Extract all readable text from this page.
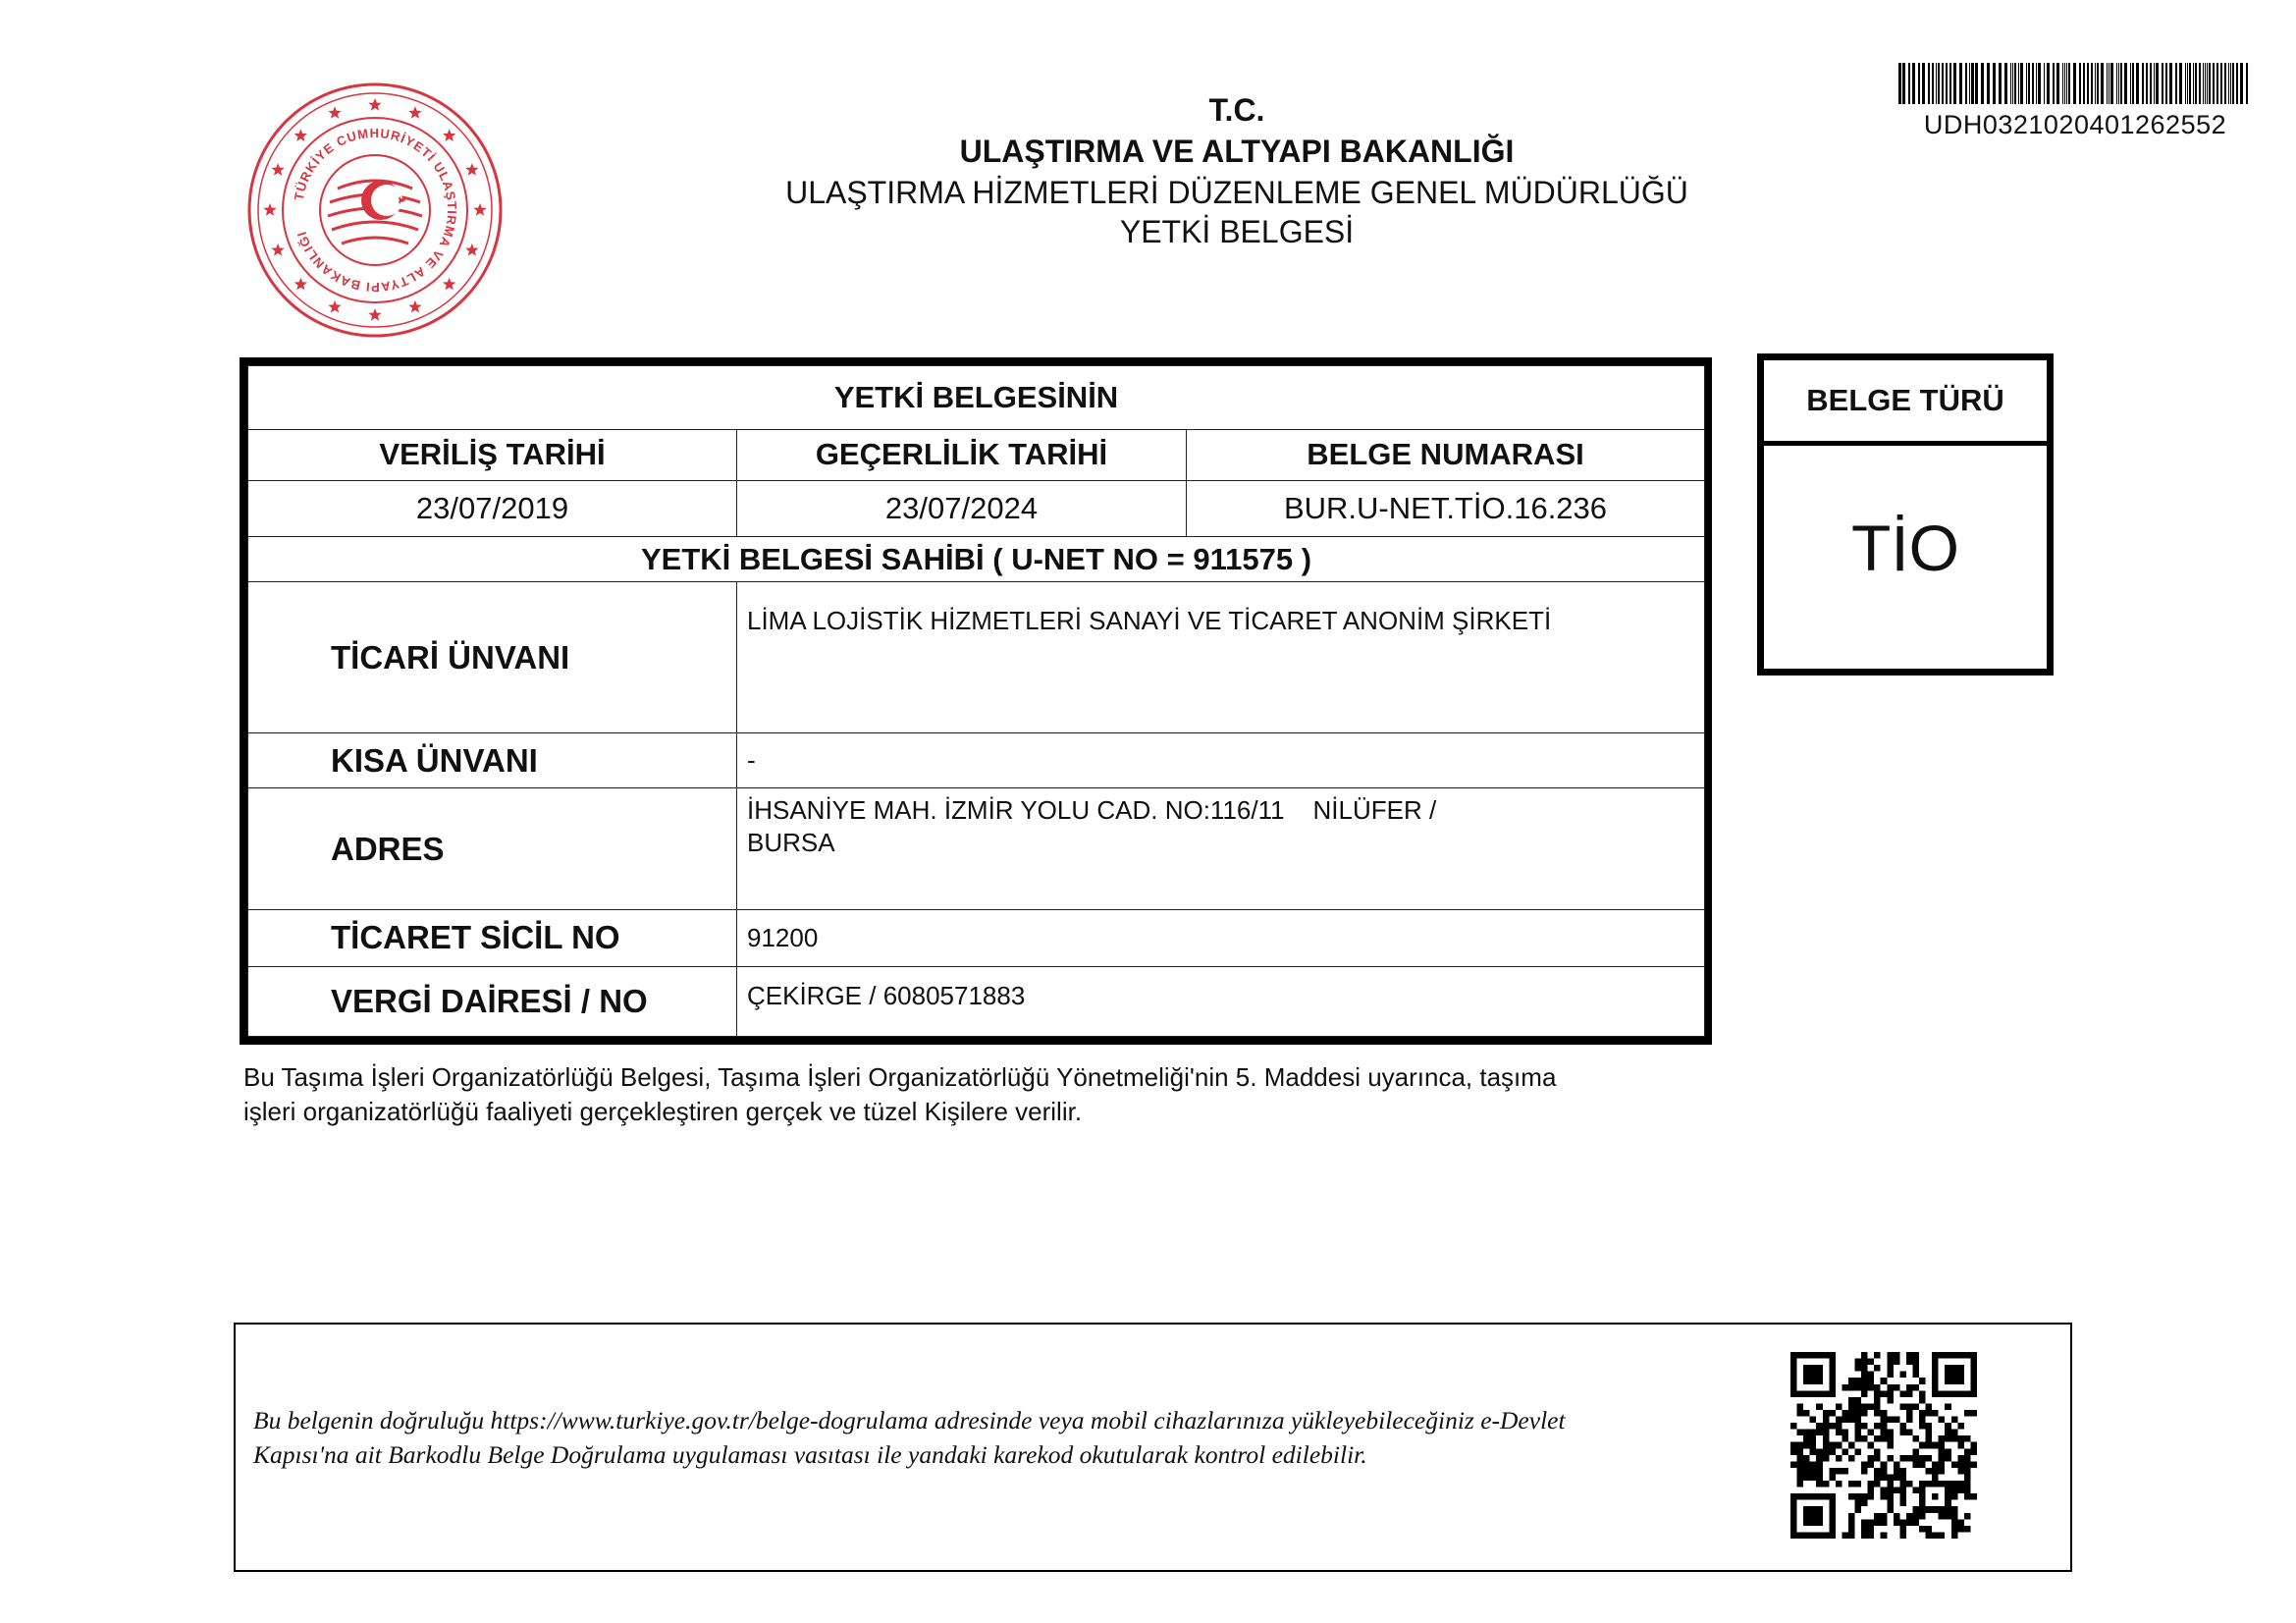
TÜRKİYE CUMHURİYETİ ULAŞTIRMA VE ALTYAPI BAKANLIĞI
T.C.
ULAŞTIRMA VE ALTYAPI BAKANLIĞI
ULAŞTIRMA HİZMETLERİ DÜZENLEME GENEL MÜDÜRLÜĞÜ
YETKİ BELGESİ
UDH0321020401262552
YETKİ BELGESİNİN		
VERİLİŞ TARİHİ	GEÇERLİLİK TARİHİ	BELGE NUMARASI
23/07/2019	23/07/2024	BUR.U-NET.TİO.16.236
YETKİ BELGESİ SAHİBİ ( U-NET NO = 911575 )		
TİCARİ ÜNVANI	LİMA LOJİSTİK HİZMETLERİ SANAYİ VE TİCARET ANONİM ŞİRKETİ	
KISA ÜNVANI	-	
ADRES	İHSANİYE MAH. İZMİR YOLU CAD. NO:116/11    NİLÜFER /
BURSA	

TİCARET SİCİL NO	91200	
VERGİ DAİRESİ / NO	ÇEKİRGE / 6080571883	
BELGE TÜRÜ
TİO
Bu Taşıma İşleri Organizatörlüğü Belgesi, Taşıma İşleri Organizatörlüğü Yönetmeliği'nin 5. Maddesi uyarınca, taşıma
işleri organizatörlüğü faaliyeti gerçekleştiren gerçek ve tüzel Kişilere verilir.
Bu belgenin doğruluğu https://www.turkiye.gov.tr/belge-dogrulama adresinde veya mobil cihazlarınıza yükleyebileceğiniz e-Devlet
Kapısı'na ait Barkodlu Belge Doğrulama uygulaması vasıtası ile yandaki karekod okutularak kontrol edilebilir.
